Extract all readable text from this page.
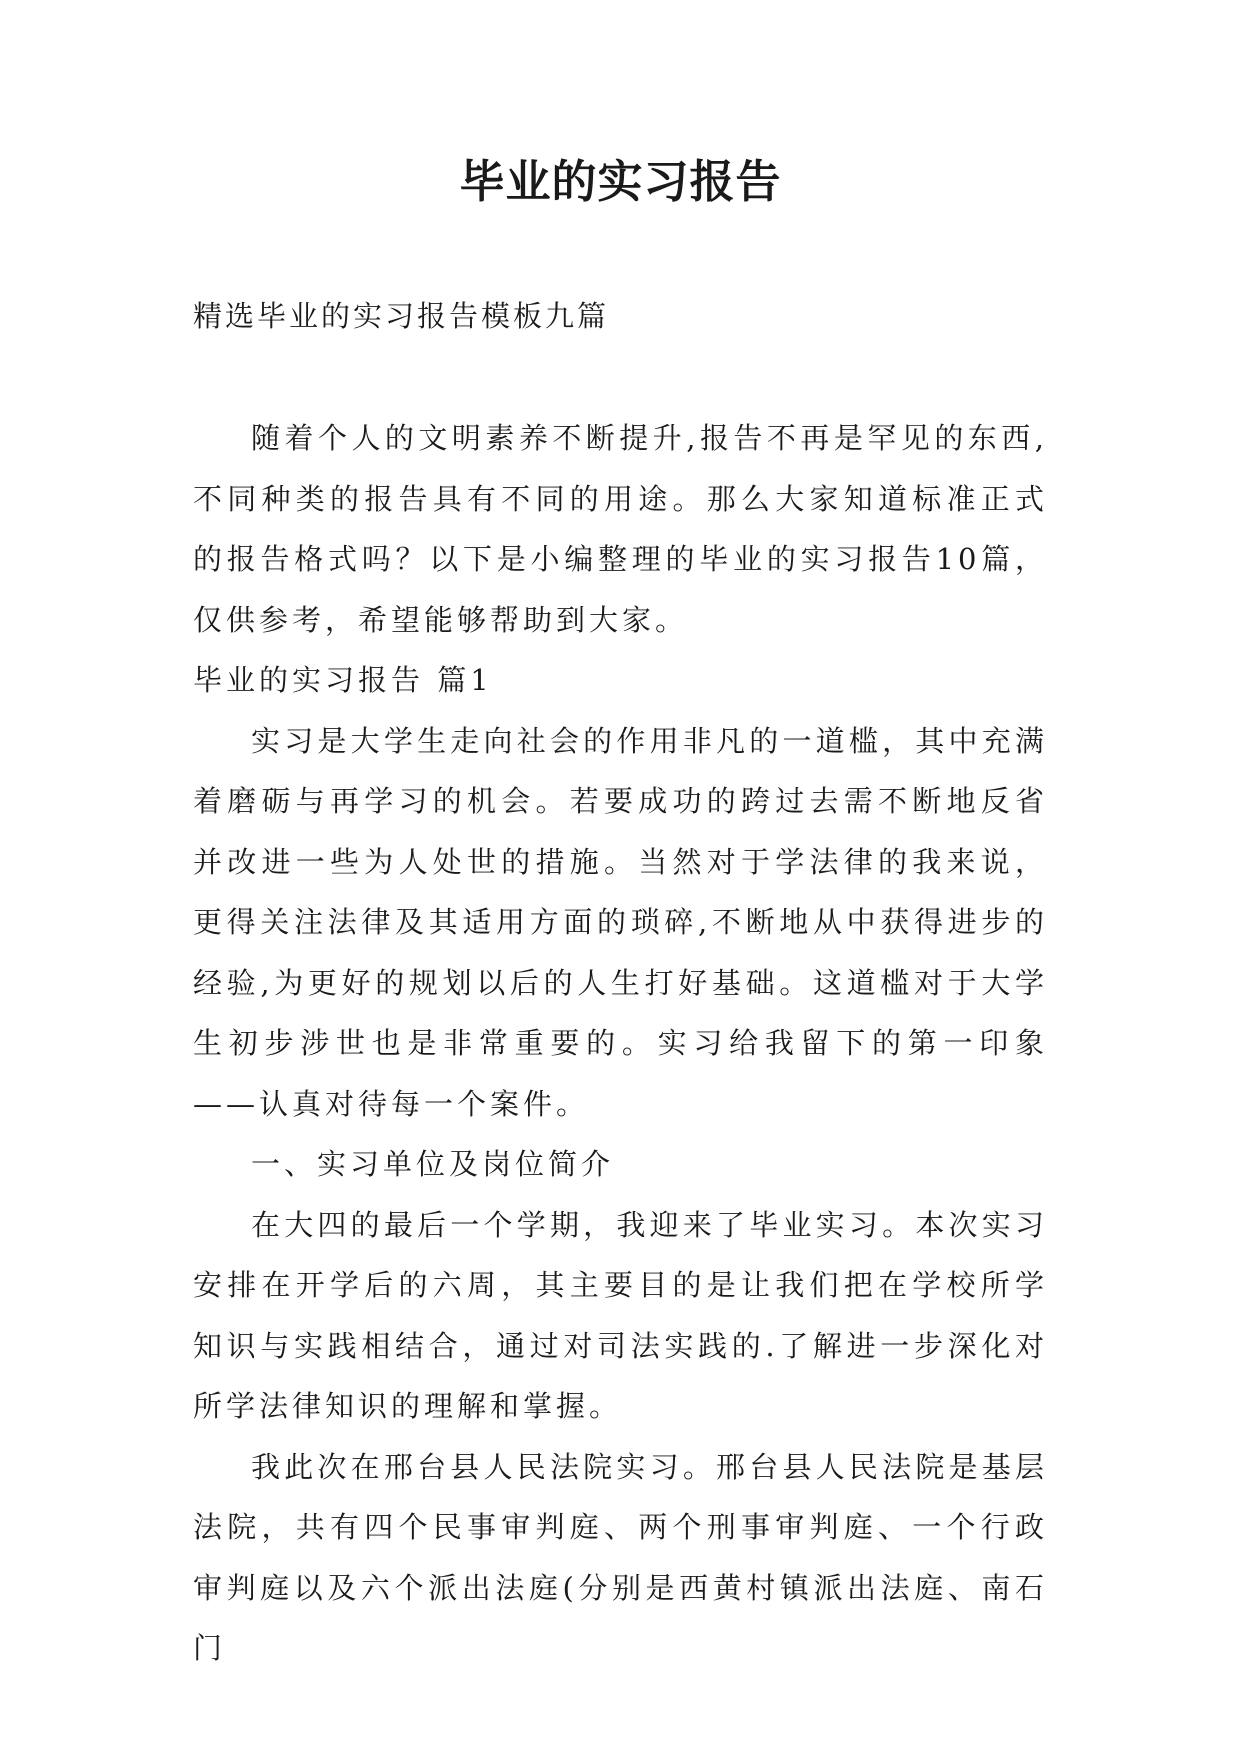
毕业的实习报告

精选毕业的实习报告模板九篇

随着个人的文明素养不断提升,报告不再是罕见的东西,不同种类的报告具有不同的用途。那么大家知道标准正式的报告格式吗？以下是小编整理的毕业的实习报告10篇，仅供参考，希望能够帮助到大家。

毕业的实习报告 篇1

实习是大学生走向社会的作用非凡的一道槛，其中充满着磨砺与再学习的机会。若要成功的跨过去需不断地反省并改进一些为人处世的措施。当然对于学法律的我来说，更得关注法律及其适用方面的琐碎,不断地从中获得进步的经验,为更好的规划以后的人生打好基础。这道槛对于大学生初步涉世也是非常重要的。实习给我留下的第一印象——认真对待每一个案件。

一、实习单位及岗位简介

在大四的最后一个学期，我迎来了毕业实习。本次实习安排在开学后的六周，其主要目的是让我们把在学校所学知识与实践相结合，通过对司法实践的.了解进一步深化对所学法律知识的理解和掌握。

我此次在邢台县人民法院实习。邢台县人民法院是基层法院，共有四个民事审判庭、两个刑事审判庭、一个行政审判庭以及六个派出法庭(分别是西黄村镇派出法庭、南石门
